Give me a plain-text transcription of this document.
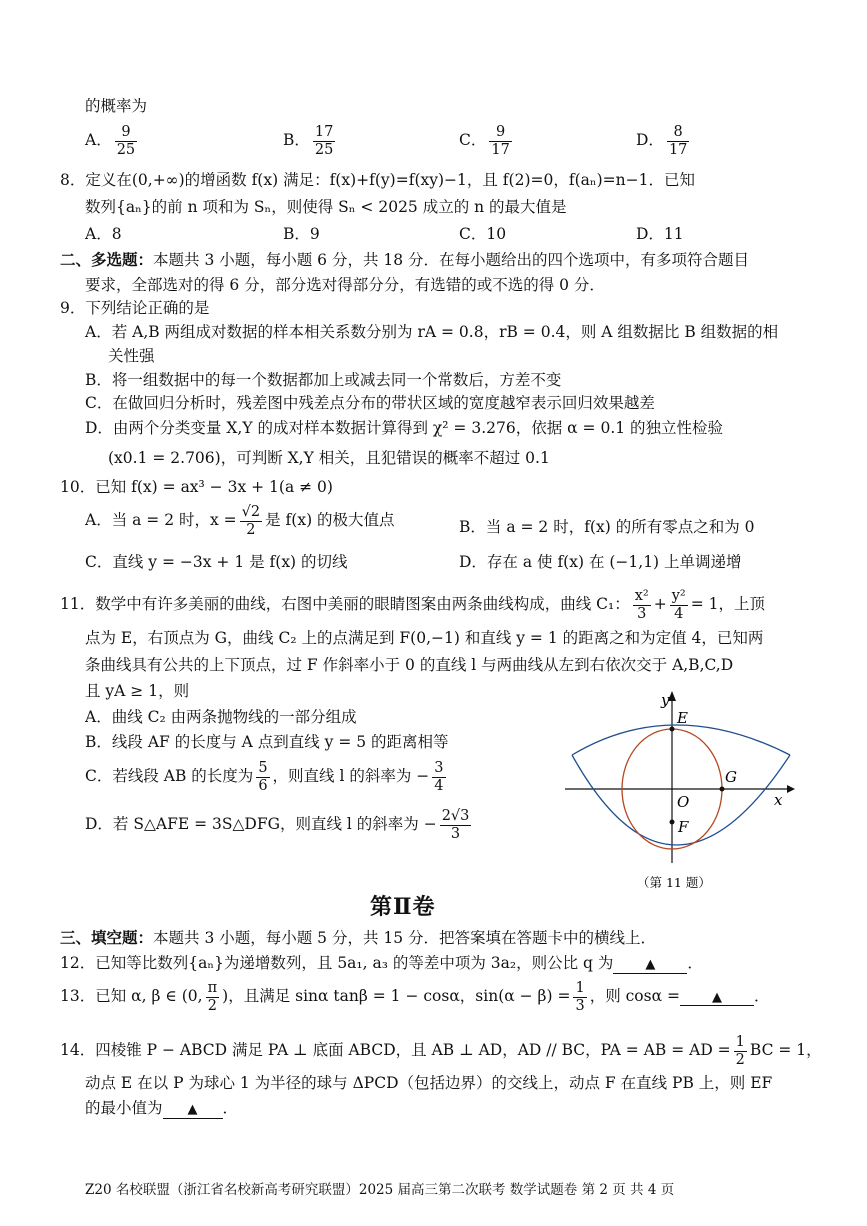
的概率为
A． $\frac{9}{25}$	B． $\frac{17}{25}$	C． $\frac{9}{17}$	D． $\frac{8}{17}$
8．定义在(0,+∞)的增函数 f(x) 满足：f(x)+f(y)=f(xy)−1，且 f(2)=0，f(aₙ)=n−1．已知
数列{aₙ}的前 n 项和为 Sₙ，则使得 Sₙ < 2025 成立的 n 的最大值是
A．8	B．9	C．10	D．11
二、多选题：本题共 3 小题，每小题 6 分，共 18 分．在每小题给出的四个选项中，有多项符合题目
要求，全部选对的得 6 分，部分选对得部分分，有选错的或不选的得 0 分．
9．下列结论正确的是
A．若 A,B 两组成对数据的样本相关系数分别为 rA = 0.8，rB = 0.4，则 A 组数据比 B 组数据的相
关性强
B．将一组数据中的每一个数据都加上或减去同一个常数后，方差不变
C．在做回归分析时，残差图中残差点分布的带状区域的宽度越窄表示回归效果越差
D．由两个分类变量 X,Y 的成对样本数据计算得到 χ² = 3.276，依据 α = 0.1 的独立性检验
(x0.1 = 2.706)，可判断 X,Y 相关，且犯错误的概率不超过 0.1
10．已知 f(x) = ax³ − 3x + 1(a ≠ 0)
A．当 a = 2 时，$x = \frac{√2}{2}$ 是 f(x) 的极大值点	B．当 a = 2 时，f(x) 的所有零点之和为 0
C．直线 y = −3x + 1 是 f(x) 的切线	D．存在 a 使 f(x) 在 (−1,1) 上单调递增
11．数学中有许多美丽的曲线，右图中美丽的眼睛图案由两条曲线构成，曲线 C₁： $\frac{\text{x²}}{3} + \frac{\text{y²}}{4} = 1$，上顶
点为 E，右顶点为 G，曲线 C₂ 上的点满足到 F(0,−1) 和直线 y = 1 的距离之和为定值 4，已知两
条曲线具有公共的上下顶点，过 F 作斜率小于 0 的直线 l 与两曲线从左到右依次交于 A,B,C,D
且 yA ≥ 1，则
A．曲线 C₂ 由两条抛物线的一部分组成
B．线段 AF 的长度与 A 点到直线 y = 5 的距离相等
C．若线段 AB 的长度为 $\frac{5}{6}$ ，则直线 l 的斜率为 − $\frac{3}{4}$
D．若 S△AFE = 3S△DFG，则直线 l 的斜率为 − $\frac{2√3}{3}$
y
x
E
G
O
F
（第 11 题）
第Ⅱ卷
三、填空题：本题共 3 小题，每小题 5 分，共 15 分．把答案填在答题卡中的横线上．
12．已知等比数列{aₙ}为递增数列，且 5a₁, a₃ 的等差中项为 3a₂，则公比 q 为 ▲ ．
13．已知 α, β ∈ (0, $\frac{\pi}{2}$ )，且满足 sinα tanβ = 1 − cosα，$\sin(\alpha - \beta) = \frac{1}{3}$ ，则 cosα = ▲ ．
14．四棱锥 P − ABCD 满足 PA ⊥ 底面 ABCD，且 AB ⊥ AD，AD // BC，PA = AB = AD = $\frac{1}{2}$ BC = 1，
动点 E 在以 P 为球心 1 为半径的球与 ΔPCD（包括边界）的交线上，动点 F 在直线 PB 上，则 EF
的最小值为 ▲ ．
Z20 名校联盟（浙江省名校新高考研究联盟）2025 届高三第二次联考 数学试题卷 第 2 页 共 4 页
